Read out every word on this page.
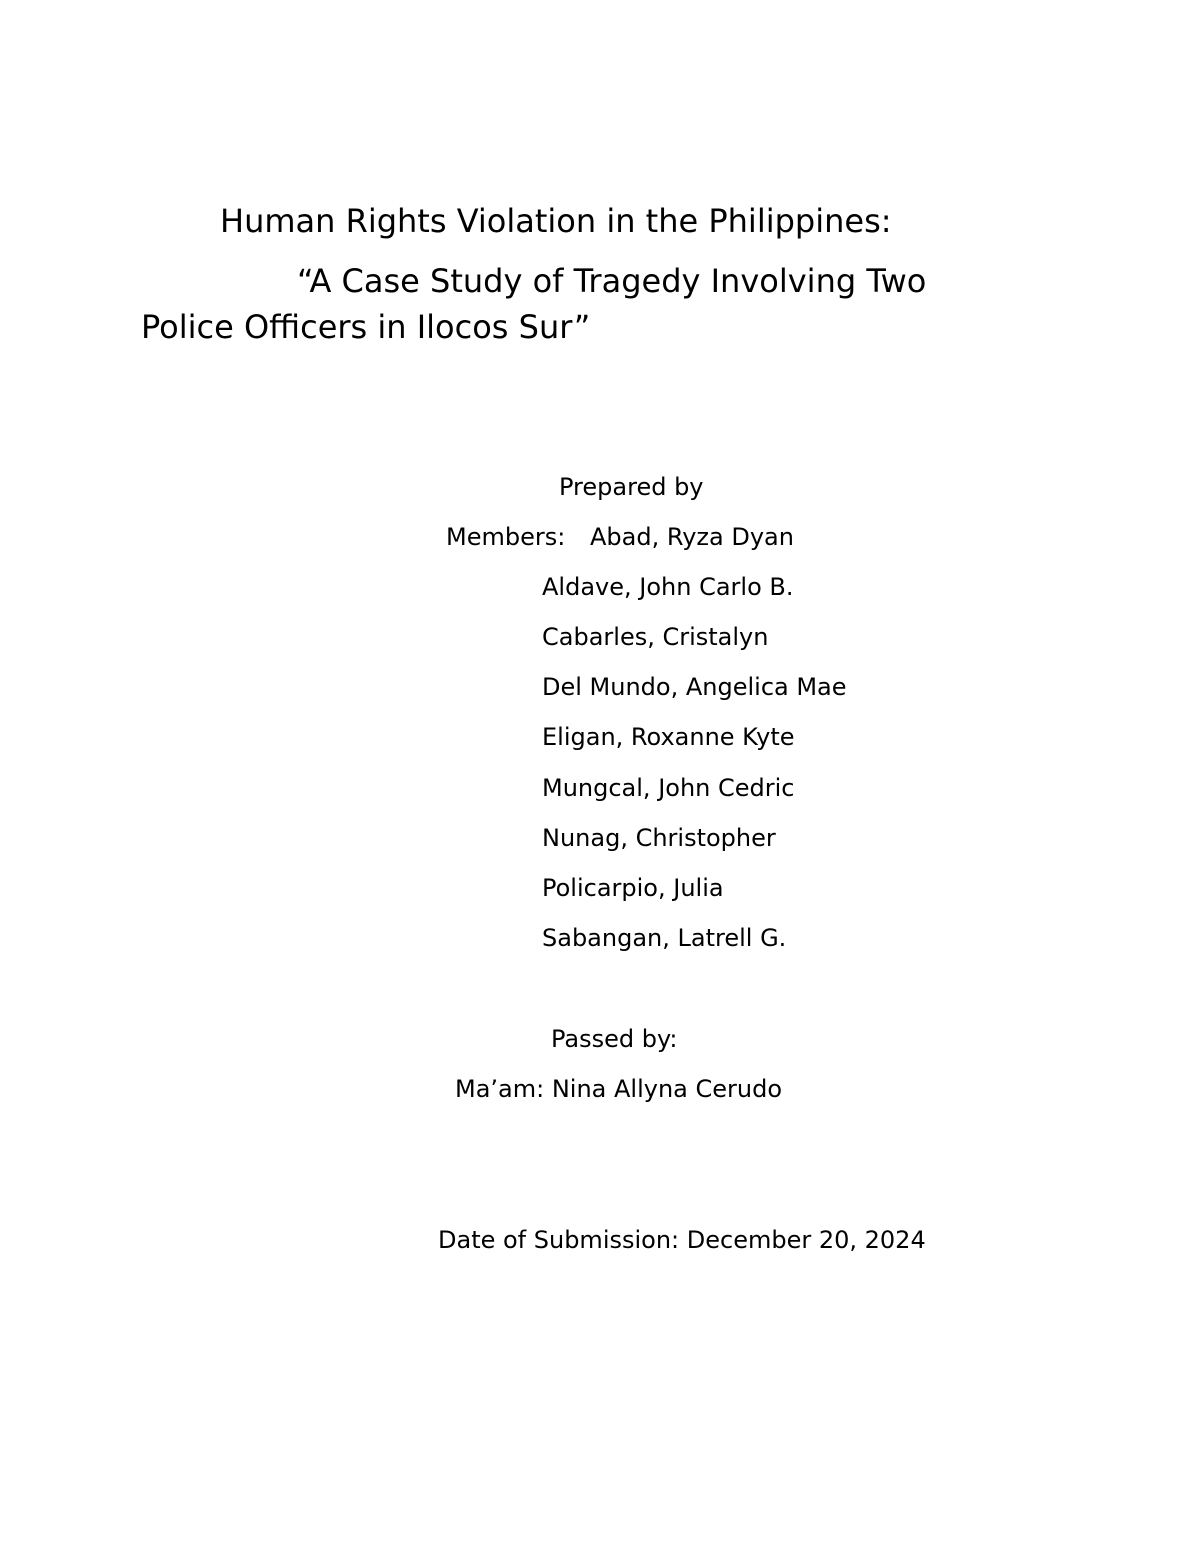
Human Rights Violation in the Philippines:
“A Case Study of Tragedy Involving Two
Police Officers in Ilocos Sur”
Prepared by
Members: Abad, Ryza Dyan
Aldave, John Carlo B.
Cabarles, Cristalyn
Del Mundo, Angelica Mae
Eligan, Roxanne Kyte
Mungcal, John Cedric
Nunag, Christopher
Policarpio, Julia
Sabangan, Latrell G.
Passed by:
Ma’am: Nina Allyna Cerudo
Date of Submission: December 20, 2024
